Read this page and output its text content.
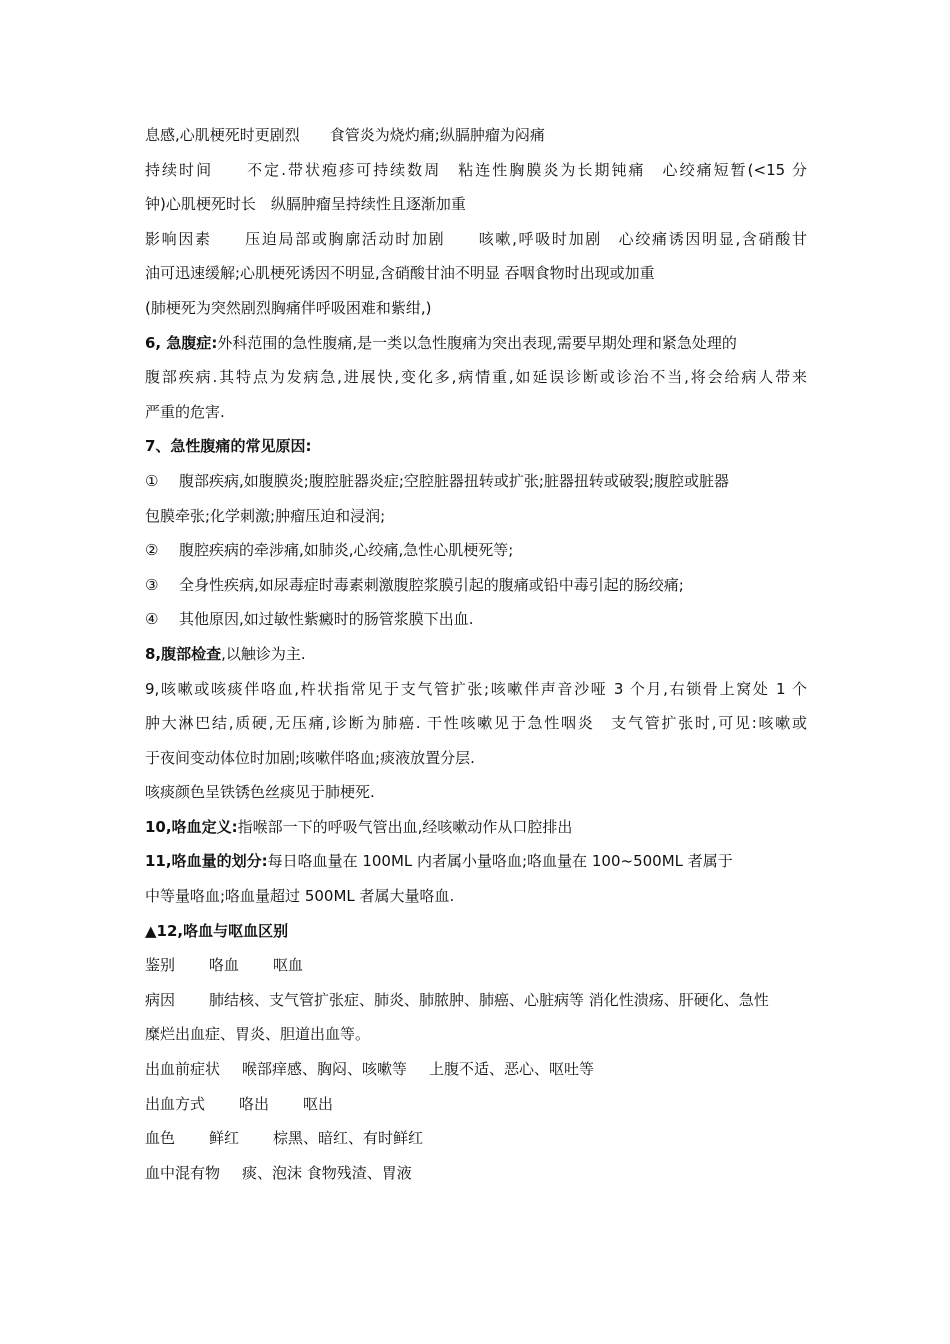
息感,心肌梗死时更剧烈　　食管炎为烧灼痛;纵膈肿瘤为闷痛
持续时间　　不定.带状疱疹可持续数周　粘连性胸膜炎为长期钝痛　心绞痛短暂(<15 分
钟)心肌梗死时长　纵膈肿瘤呈持续性且逐渐加重
影响因素　　压迫局部或胸廓活动时加剧　　咳嗽,呼吸时加剧　心绞痛诱因明显,含硝酸甘
油可迅速缓解;心肌梗死诱因不明显,含硝酸甘油不明显 吞咽食物时出现或加重
(肺梗死为突然剧烈胸痛伴呼吸困难和紫绀,)
6, 急腹症:外科范围的急性腹痛,是一类以急性腹痛为突出表现,需要早期处理和紧急处理的
腹部疾病.其特点为发病急,进展快,变化多,病情重,如延误诊断或诊治不当,将会给病人带来
严重的危害.
7、急性腹痛的常见原因:
① 腹部疾病,如腹膜炎;腹腔脏器炎症;空腔脏器扭转或扩张;脏器扭转或破裂;腹腔或脏器
包膜牵张;化学刺激;肿瘤压迫和浸润;
② 腹腔疾病的牵涉痛,如肺炎,心绞痛,急性心肌梗死等;
③ 全身性疾病,如尿毒症时毒素刺激腹腔浆膜引起的腹痛或铅中毒引起的肠绞痛;
④ 其他原因,如过敏性紫癜时的肠管浆膜下出血.
8,腹部检查,以触诊为主.
9,咳嗽或咳痰伴咯血,杵状指常见于支气管扩张;咳嗽伴声音沙哑 3 个月,右锁骨上窝处 1 个
肿大淋巴结,质硬,无压痛,诊断为肺癌. 干性咳嗽见于急性咽炎　支气管扩张时,可见:咳嗽或
于夜间变动体位时加剧;咳嗽伴咯血;痰液放置分层.
咳痰颜色呈铁锈色丝痰见于肺梗死.
10,咯血定义:指喉部一下的呼吸气管出血,经咳嗽动作从口腔排出
11,咯血量的划分:每日咯血量在 100ML 内者属小量咯血;咯血量在 100~500ML 者属于
中等量咯血;咯血量超过 500ML 者属大量咯血.
▲12,咯血与呕血区别
鉴别 咯血 呕血
病因 肺结核、支气管扩张症、肺炎、肺脓肿、肺癌、心脏病等 消化性溃疡、肝硬化、急性
糜烂出血症、胃炎、胆道出血等。
出血前症状 喉部痒感、胸闷、咳嗽等 上腹不适、恶心、呕吐等
出血方式 咯出 呕出
血色 鲜红 棕黑、暗红、有时鲜红
血中混有物 痰、泡沫 食物残渣、胃液
